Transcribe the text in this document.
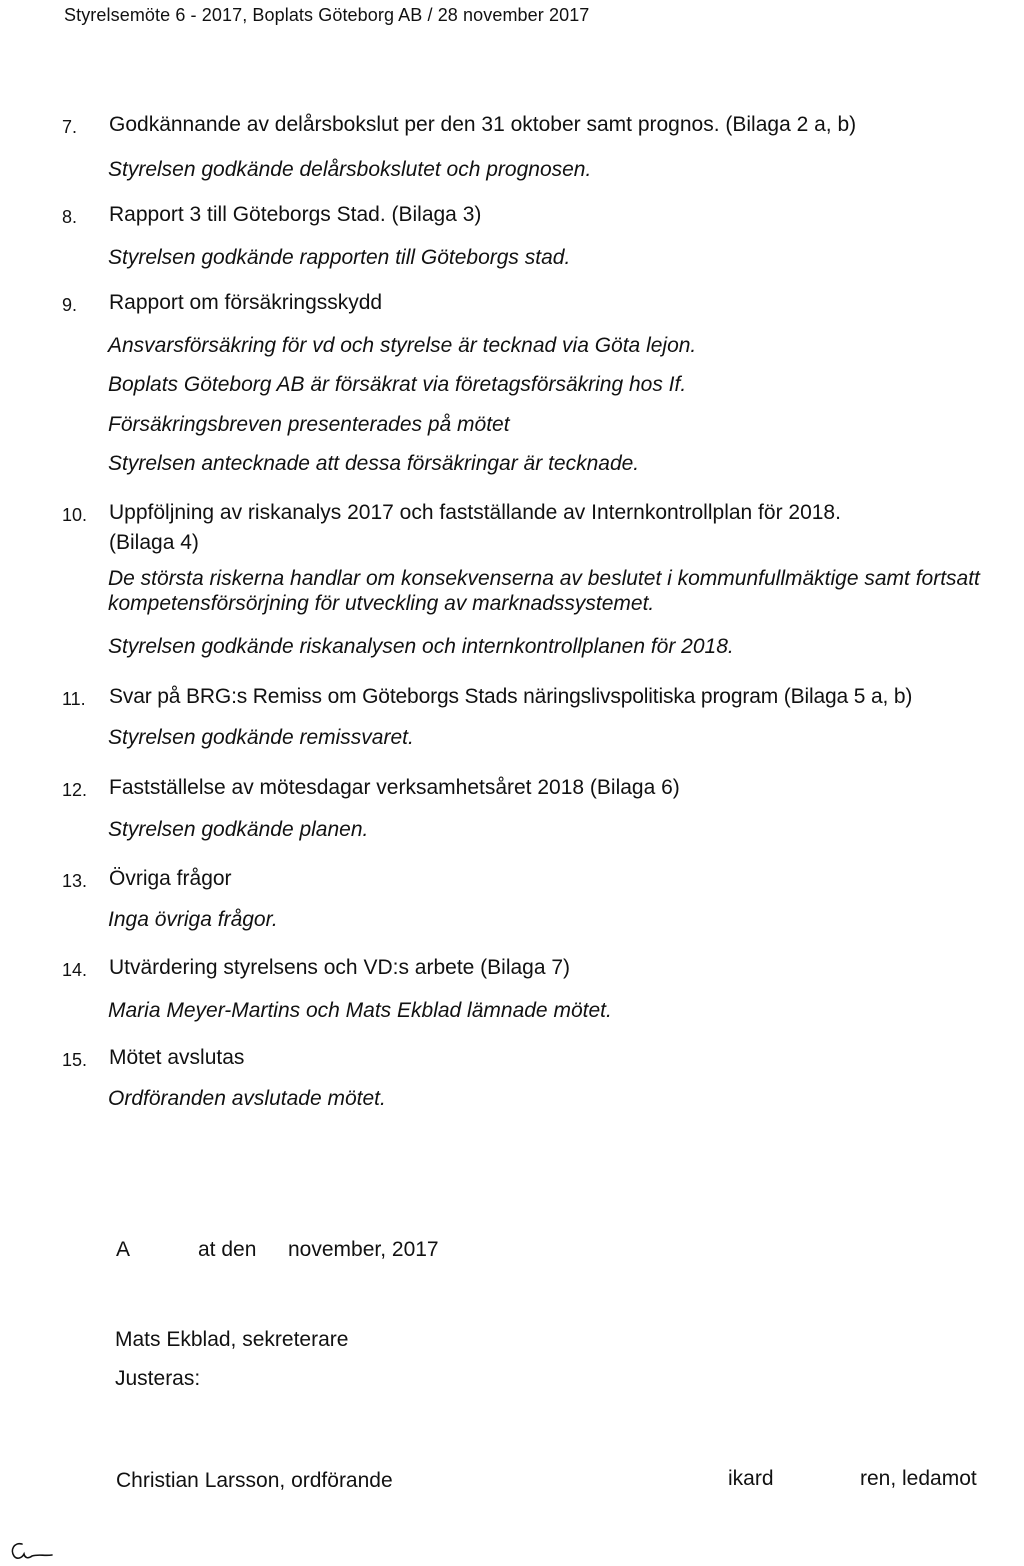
Styrelsemöte 6 - 2017, Boplats Göteborg AB / 28 november 2017
7. Godkännande av delårsbokslut per den 31 oktober samt prognos. (Bilaga 2 a, b)
Styrelsen godkände delårsbokslutet och prognosen.
8. Rapport 3 till Göteborgs Stad. (Bilaga 3)
Styrelsen godkände rapporten till Göteborgs stad.
9. Rapport om försäkringsskydd
Ansvarsförsäkring för vd och styrelse är tecknad via Göta lejon.
Boplats Göteborg AB är försäkrat via företagsförsäkring hos If.
Försäkringsbreven presenterades på mötet
Styrelsen antecknade att dessa försäkringar är tecknade.
10. Uppföljning av riskanalys 2017 och fastställande av Internkontrollplan för 2018.
(Bilaga 4)
De största riskerna handlar om konsekvenserna av beslutet i kommunfullmäktige samt fortsatt kompetensförsörjning för utveckling av marknadssystemet.
Styrelsen godkände riskanalysen och internkontrollplanen för 2018.
11. Svar på BRG:s Remiss om Göteborgs Stads näringslivspolitiska program (Bilaga 5 a, b)
Styrelsen godkände remissvaret.
12. Fastställelse av mötesdagar verksamhetsåret 2018 (Bilaga 6)
Styrelsen godkände planen.
13. Övriga frågor
Inga övriga frågor.
14. Utvärdering styrelsens och VD:s arbete (Bilaga 7)
Maria Meyer-Martins och Mats Ekblad lämnade mötet.
15. Mötet avslutas
Ordföranden avslutade mötet.
A	at den november, 2017
Mats Ekblad, sekreterare
Justeras:
Christian Larsson, ordförande	ikard	ren, ledamot
